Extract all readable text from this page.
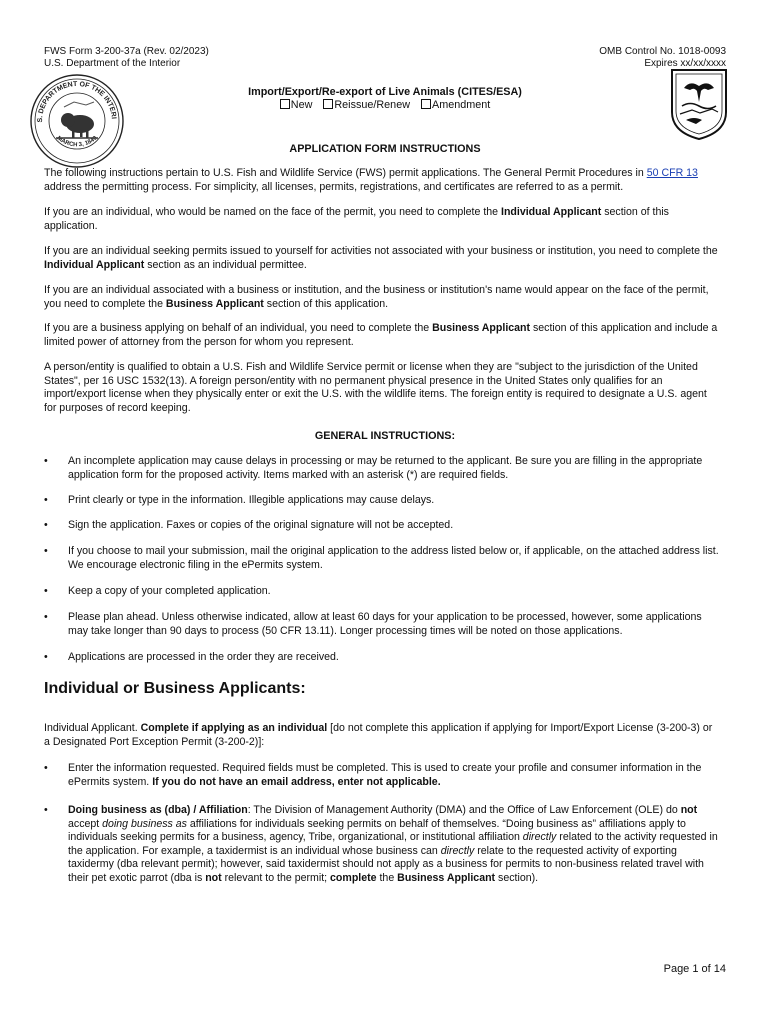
FWS Form 3-200-37a (Rev. 02/2023)
U.S. Department of the Interior
OMB Control No. 1018-0093
Expires xx/xx/xxxx
S. DEPARTMENT OF THE INTERI
MARCH 3, 1849
Import/Export/Re-export of Live Animals (CITES/ESA)
New Reissue/Renew Amendment
APPLICATION FORM INSTRUCTIONS
The following instructions pertain to U.S. Fish and Wildlife Service (FWS) permit applications. The General Permit Procedures in 50 CFR 13 address the permitting process. For simplicity, all licenses, permits, registrations, and certificates are referred to as a permit.
If you are an individual, who would be named on the face of the permit, you need to complete the Individual Applicant section of this application.
If you are an individual seeking permits issued to yourself for activities not associated with your business or institution, you need to complete the Individual Applicant section as an individual permittee.
If you are an individual associated with a business or institution, and the business or institution's name would appear on the face of the permit, you need to complete the Business Applicant section of this application.
If you are a business applying on behalf of an individual, you need to complete the Business Applicant section of this application and include a limited power of attorney from the person for whom you represent.
A person/entity is qualified to obtain a U.S. Fish and Wildlife Service permit or license when they are "subject to the jurisdiction of the United States", per 16 USC 1532(13). A foreign person/entity with no permanent physical presence in the United States only qualifies for an import/export license when they physically enter or exit the U.S. with the wildlife items. The foreign entity is required to designate a U.S. agent for purposes of record keeping.
GENERAL INSTRUCTIONS:
•	An incomplete application may cause delays in processing or may be returned to the applicant. Be sure you are filling in the appropriate application form for the proposed activity. Items marked with an asterisk (*) are required fields.
•	Print clearly or type in the information. Illegible applications may cause delays.
•	Sign the application. Faxes or copies of the original signature will not be accepted.
•	If you choose to mail your submission, mail the original application to the address listed below or, if applicable, on the attached address list. We encourage electronic filing in the ePermits system.
•	Keep a copy of your completed application.
•	Please plan ahead. Unless otherwise indicated, allow at least 60 days for your application to be processed, however, some applications may take longer than 90 days to process (50 CFR 13.11). Longer processing times will be noted on those applications.
•	Applications are processed in the order they are received.
Individual or Business Applicants:
Individual Applicant. Complete if applying as an individual [do not complete this application if applying for Import/Export License (3-200-3) or a Designated Port Exception Permit (3-200-2)]:
•	Enter the information requested. Required fields must be completed. This is used to create your profile and consumer information in the ePermits system. If you do not have an email address, enter not applicable.
•	Doing business as (dba) / Affiliation: The Division of Management Authority (DMA) and the Office of Law Enforcement (OLE) do not accept doing business as affiliations for individuals seeking permits on behalf of themselves. “Doing business as” affiliations apply to individuals seeking permits for a business, agency, Tribe, organizational, or institutional affiliation directly related to the activity requested in the application. For example, a taxidermist is an individual whose business can directly relate to the requested activity of exporting taxidermy (dba relevant permit); however, said taxidermist should not apply as a business for permits to non-business related travel with their pet exotic parrot (dba is not relevant to the permit; complete the Business Applicant section).
Page 1 of 14
